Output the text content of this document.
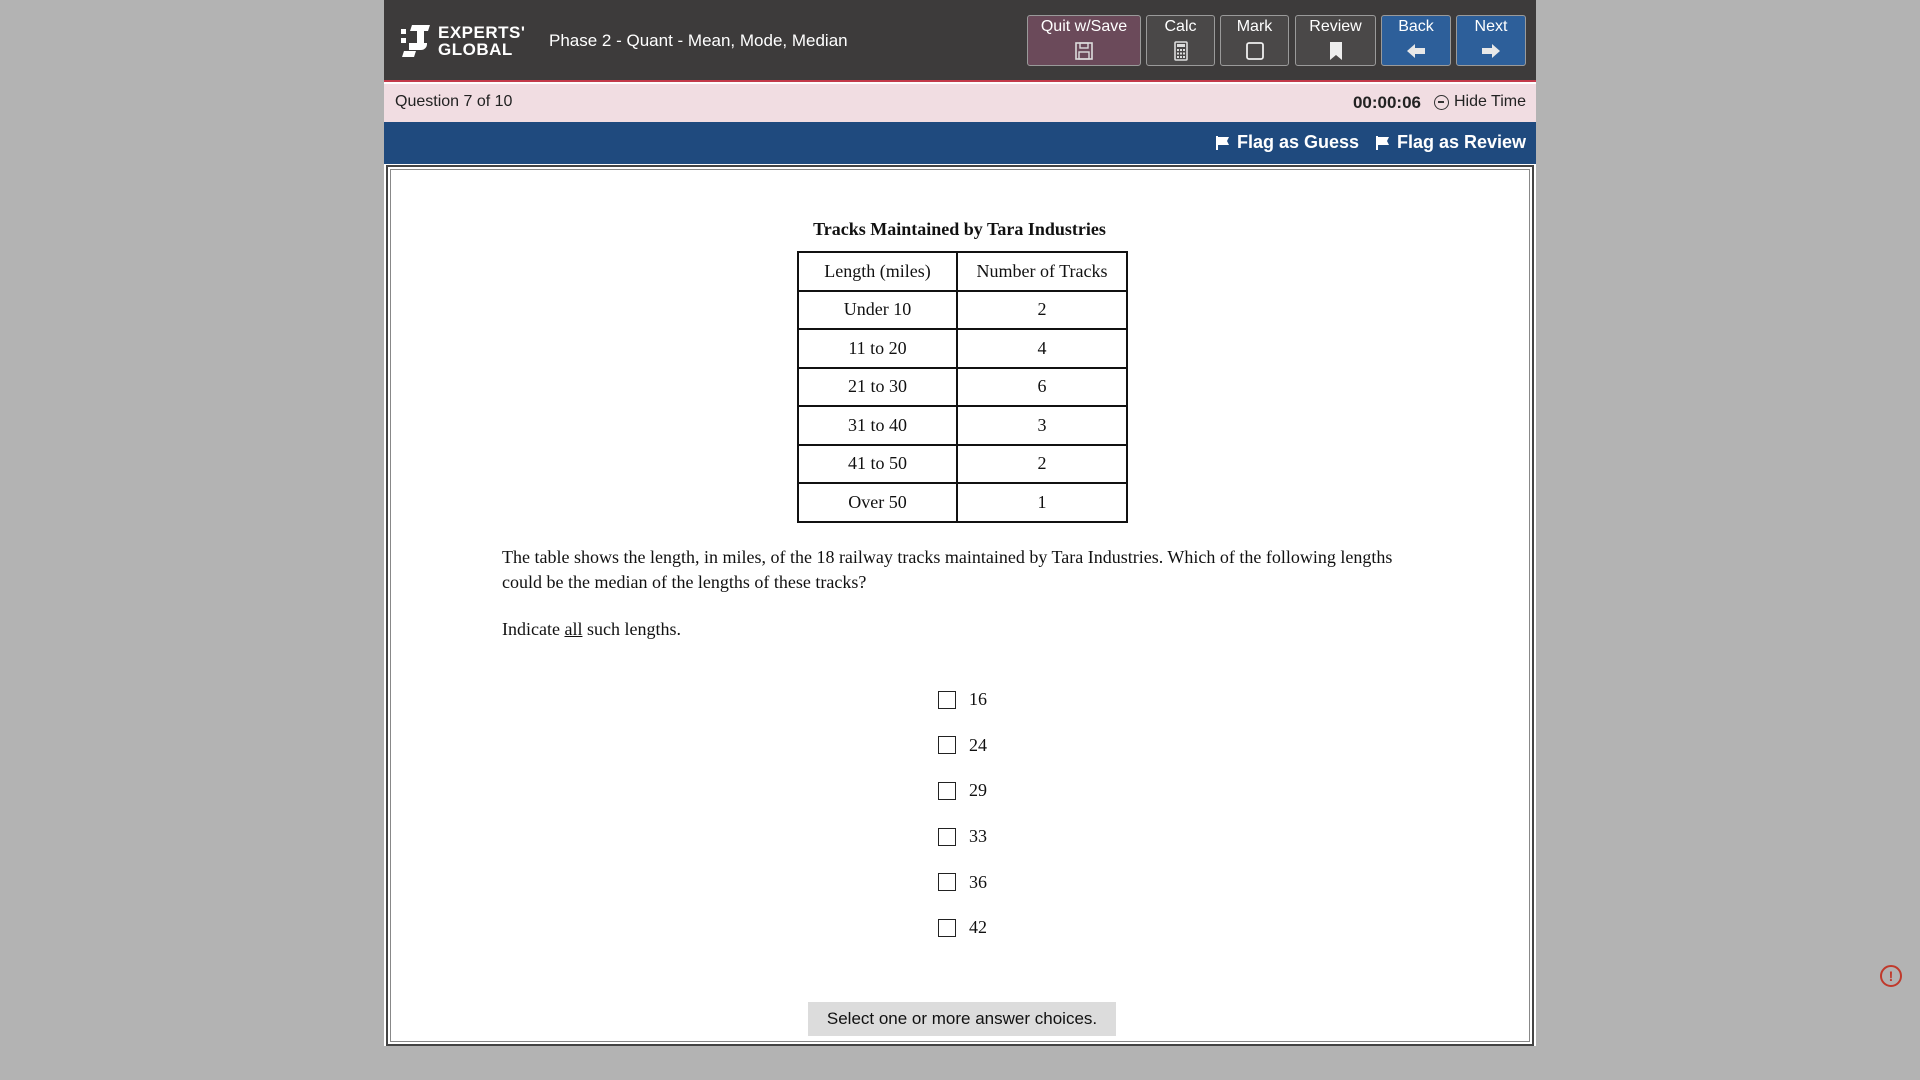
EXPERTS'
GLOBAL	Phase 2 - Quant - Mean, Mode, Median
Quit w/Save	Calc	Mark	Review	Back	Next
Question 7 of 10	00:00:06 Hide Time
Flag as Guess Flag as Review
Tracks Maintained by Tara Industries
Length (miles)	Number of Tracks
Under 10	2
11 to 20	4
21 to 30	6
31 to 40	3
41 to 50	2
Over 50	1
The table shows the length, in miles, of the 18 railway tracks maintained by Tara Industries. Which of the following lengths could be the median of the lengths of these tracks?
Indicate all such lengths.
16
24
29
33
36
42
Select one or more answer choices.
!
